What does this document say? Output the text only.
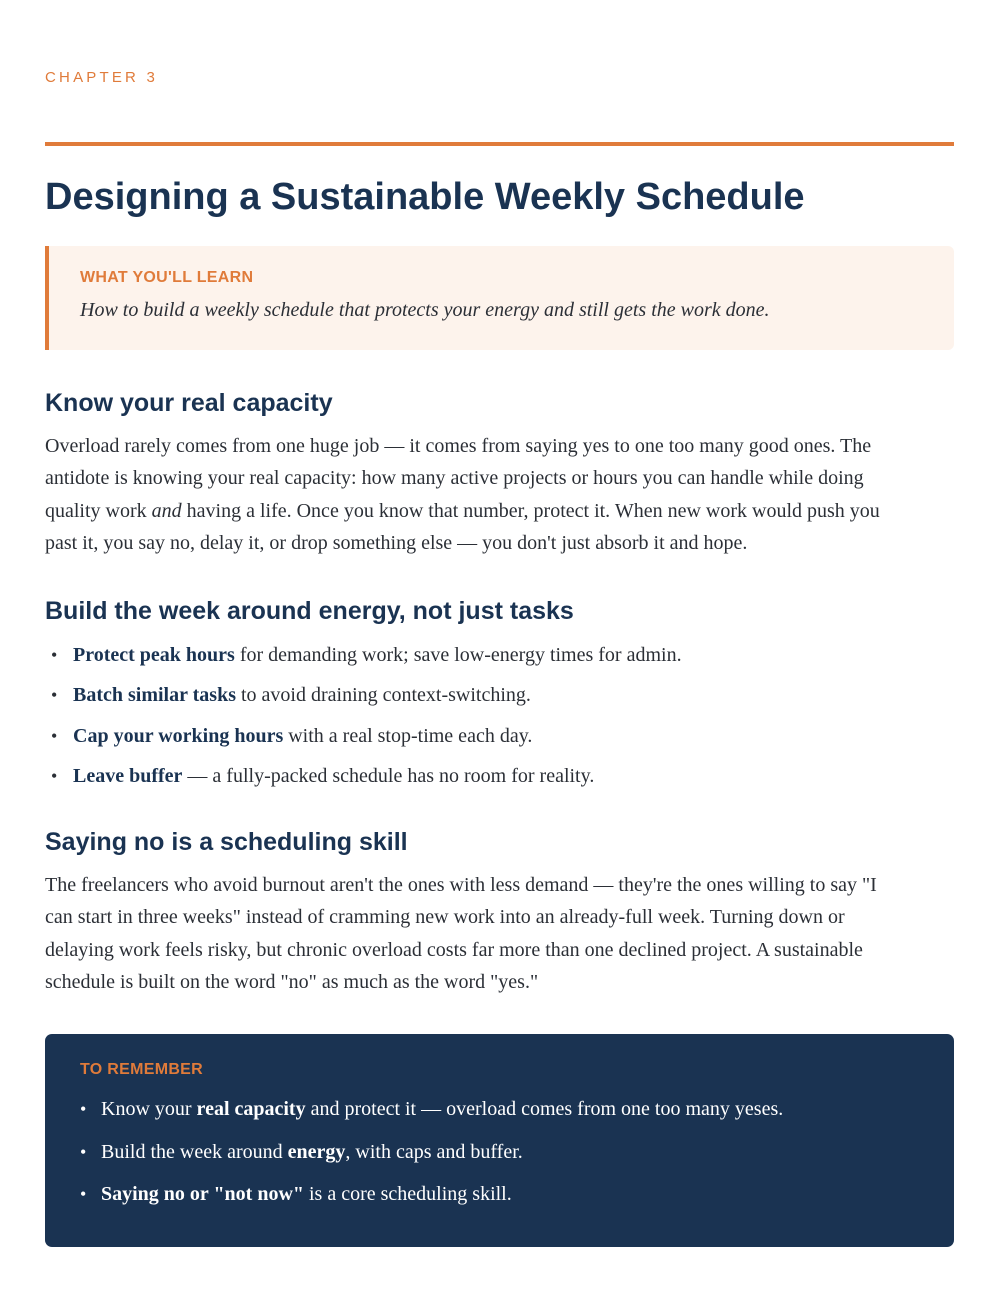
CHAPTER 3
Designing a Sustainable Weekly Schedule
WHAT YOU'LL LEARN
How to build a weekly schedule that protects your energy and still gets the work done.
Know your real capacity

Overload rarely comes from one huge job — it comes from saying yes to one too many good ones. The
antidote is knowing your real capacity: how many active projects or hours you can handle while doing
quality work and having a life. Once you know that number, protect it. When new work would push you
past it, you say no, delay it, or drop something else — you don't just absorb it and hope.

Build the week around energy, not just tasks
• Protect peak hours for demanding work; save low-energy times for admin.
• Batch similar tasks to avoid draining context-switching.
• Cap your working hours with a real stop-time each day.
• Leave buffer — a fully-packed schedule has no room for reality.
Saying no is a scheduling skill

The freelancers who avoid burnout aren't the ones with less demand — they're the ones willing to say "I
can start in three weeks" instead of cramming new work into an already-full week. Turning down or
delaying work feels risky, but chronic overload costs far more than one declined project. A sustainable
schedule is built on the word "no" as much as the word "yes."

TO REMEMBER
• Know your real capacity and protect it — overload comes from one too many yeses.
• Build the week around energy, with caps and buffer.
• Saying no or "not now" is a core scheduling skill.
